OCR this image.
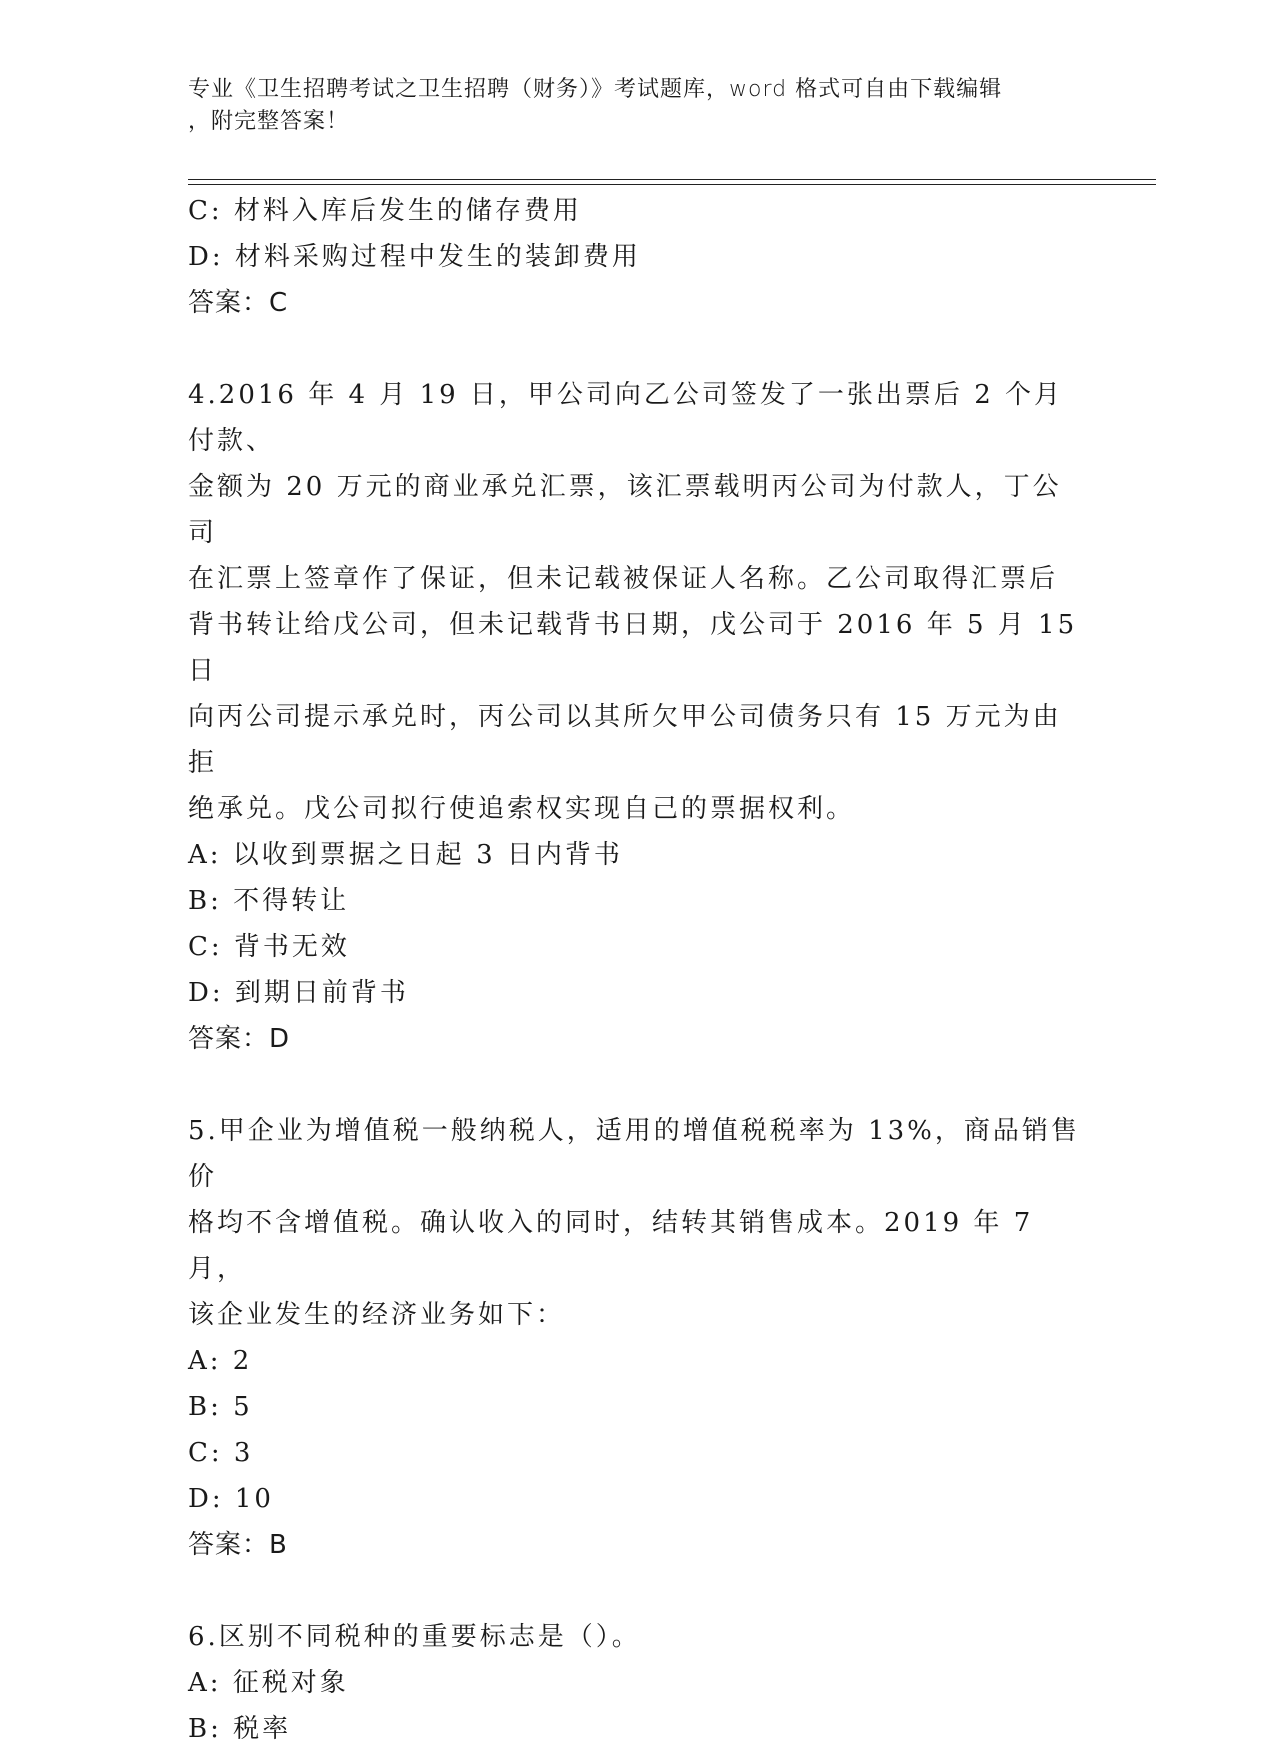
专业《卫生招聘考试之卫生招聘（财务）》考试题库，word 格式可自由下载编辑
，附完整答案！
C: 材料入库后发生的储存费用
D: 材料采购过程中发生的装卸费用
答案：C
4.2016 年 4 月 19 日，甲公司向乙公司签发了一张出票后 2 个月付款、
金额为 20 万元的商业承兑汇票，该汇票载明丙公司为付款人，丁公司
在汇票上签章作了保证，但未记载被保证人名称。乙公司取得汇票后
背书转让给戊公司，但未记载背书日期，戊公司于 2016 年 5 月 15 日
向丙公司提示承兑时，丙公司以其所欠甲公司债务只有 15 万元为由拒
绝承兑。戊公司拟行使追索权实现自己的票据权利。
A: 以收到票据之日起 3 日内背书
B: 不得转让
C: 背书无效
D: 到期日前背书
答案：D
5.甲企业为增值税一般纳税人，适用的增值税税率为 13%，商品销售价
格均不含增值税。确认收入的同时，结转其销售成本。2019 年 7 月，
该企业发生的经济业务如下：
A: 2
B: 5
C: 3
D: 10
答案：B
6.区别不同税种的重要标志是（）。
A: 征税对象
B: 税率
